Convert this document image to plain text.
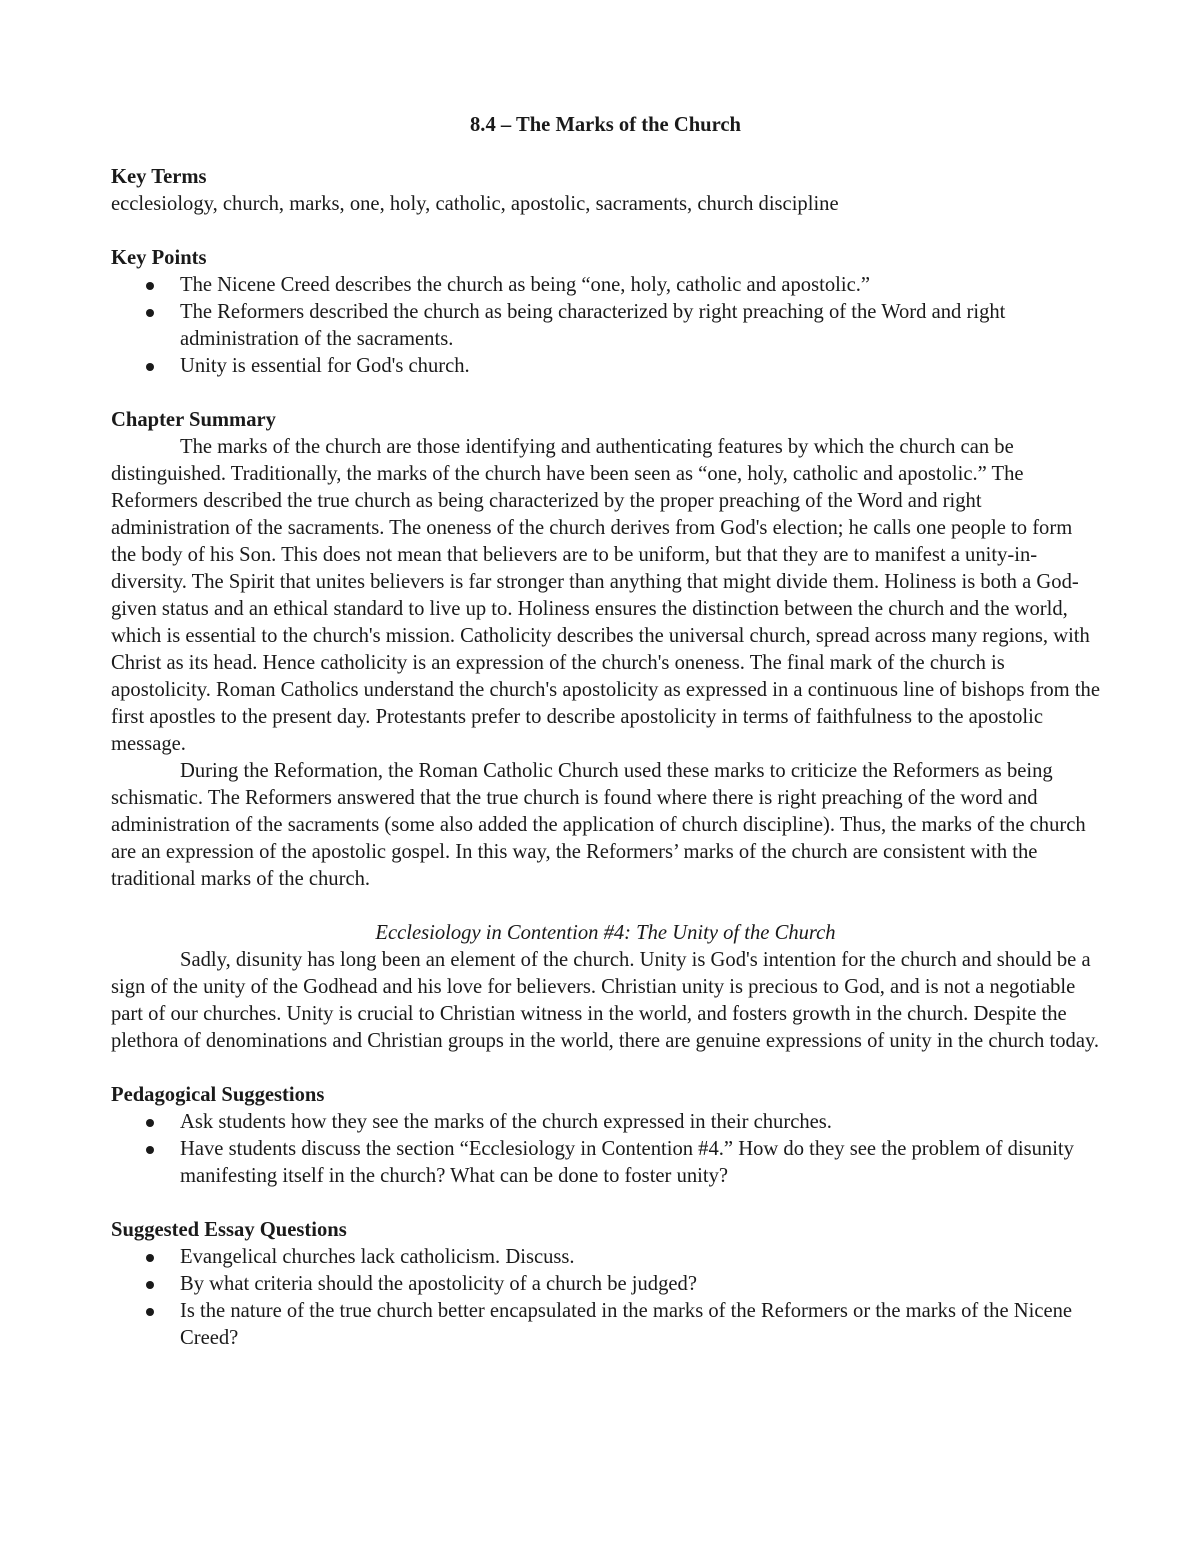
8.4 – The Marks of the Church

Key Terms

ecclesiology, church, marks, one, holy, catholic, apostolic, sacraments, church discipline

Key Points

The Nicene Creed describes the church as being “one, holy, catholic and apostolic.”
The Reformers described the church as being characterized by right preaching of the Word and right administration of the sacraments.
Unity is essential for God's church.

Chapter Summary

The marks of the church are those identifying and authenticating features by which the church can be distinguished. Traditionally, the marks of the church have been seen as “one, holy, catholic and apostolic.” The Reformers described the true church as being characterized by the proper preaching of the Word and right administration of the sacraments. The oneness of the church derives from God's election; he calls one people to form the body of his Son. This does not mean that believers are to be uniform, but that they are to manifest a unity-in-diversity. The Spirit that unites believers is far stronger than anything that might divide them. Holiness is both a God-given status and an ethical standard to live up to. Holiness ensures the distinction between the church and the world, which is essential to the church's mission. Catholicity describes the universal church, spread across many regions, with Christ as its head. Hence catholicity is an expression of the church's oneness. The final mark of the church is apostolicity. Roman Catholics understand the church's apostolicity as expressed in a continuous line of bishops from the first apostles to the present day. Protestants prefer to describe apostolicity in terms of faithfulness to the apostolic message.

During the Reformation, the Roman Catholic Church used these marks to criticize the Reformers as being schismatic. The Reformers answered that the true church is found where there is right preaching of the word and administration of the sacraments (some also added the application of church discipline). Thus, the marks of the church are an expression of the apostolic gospel. In this way, the Reformers’ marks of the church are consistent with the traditional marks of the church.

Ecclesiology in Contention #4: The Unity of the Church

Sadly, disunity has long been an element of the church. Unity is God's intention for the church and should be a sign of the unity of the Godhead and his love for believers. Christian unity is precious to God, and is not a negotiable part of our churches. Unity is crucial to Christian witness in the world, and fosters growth in the church. Despite the plethora of denominations and Christian groups in the world, there are genuine expressions of unity in the church today.

Pedagogical Suggestions

Ask students how they see the marks of the church expressed in their churches.
Have students discuss the section “Ecclesiology in Contention #4.” How do they see the problem of disunity manifesting itself in the church? What can be done to foster unity?

Suggested Essay Questions

Evangelical churches lack catholicism. Discuss.
By what criteria should the apostolicity of a church be judged?
Is the nature of the true church better encapsulated in the marks of the Reformers or the marks of the Nicene Creed?
